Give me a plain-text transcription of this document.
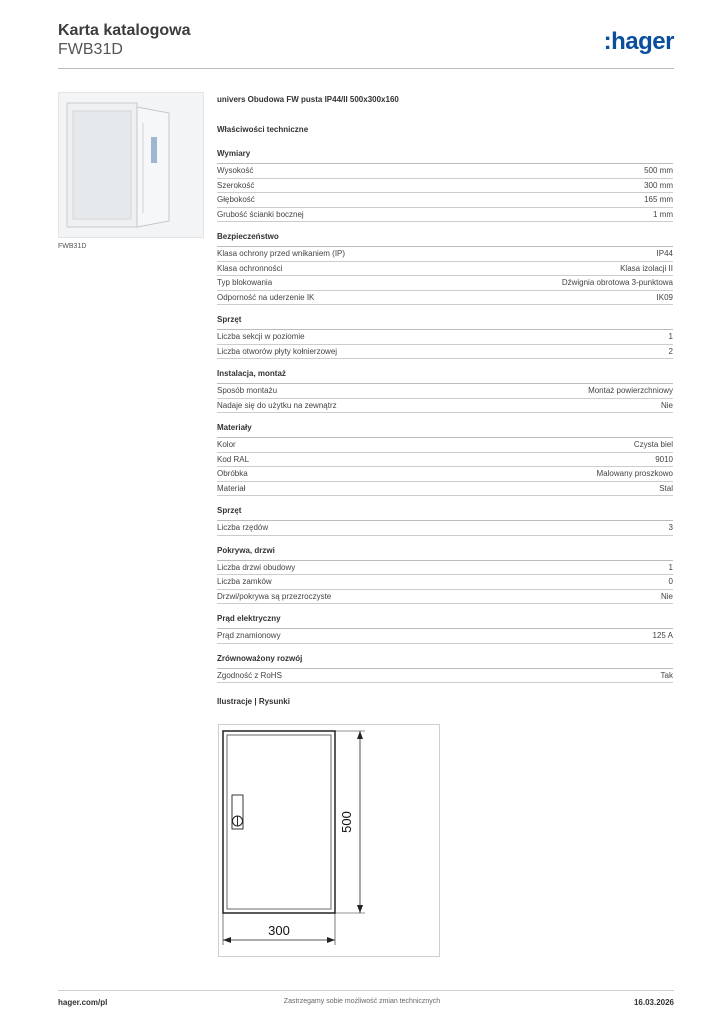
Karta katalogowa
FWB31D	:hager
FWB31D
univers Obudowa FW pusta IP44/II 500x300x160
Właściwości techniczne
Wymiary
Wysokość	500 mm
Szerokość	300 mm
Głębokość	165 mm
Grubość ścianki bocznej	1 mm
Bezpieczeństwo
Klasa ochrony przed wnikaniem (IP)	IP44
Klasa ochronności	Klasa izolacji II
Typ blokowania	Dźwignia obrotowa 3-punktowa
Odporność na uderzenie IK	IK09
Sprzęt
Liczba sekcji w poziomie	1
Liczba otworów płyty kołnierzowej	2
Instalacja, montaż
Sposób montażu	Montaż powierzchniowy
Nadaje się do użytku na zewnątrz	Nie
Materiały
Kolor	Czysta biel
Kod RAL	9010
Obróbka	Malowany proszkowo
Materiał	Stal
Sprzęt
Liczba rzędów	3
Pokrywa, drzwi
Liczba drzwi obudowy	1
Liczba zamków	0
Drzwi/pokrywa są przezroczyste	Nie
Prąd elektryczny
Prąd znamionowy	125 A
Zrównoważony rozwój
Zgodność z RoHS	Tak
Ilustracje | Rysunki
500
300
hager.com/pl	Zastrzegamy sobie możliwość zmian technicznych	16.03.2026
